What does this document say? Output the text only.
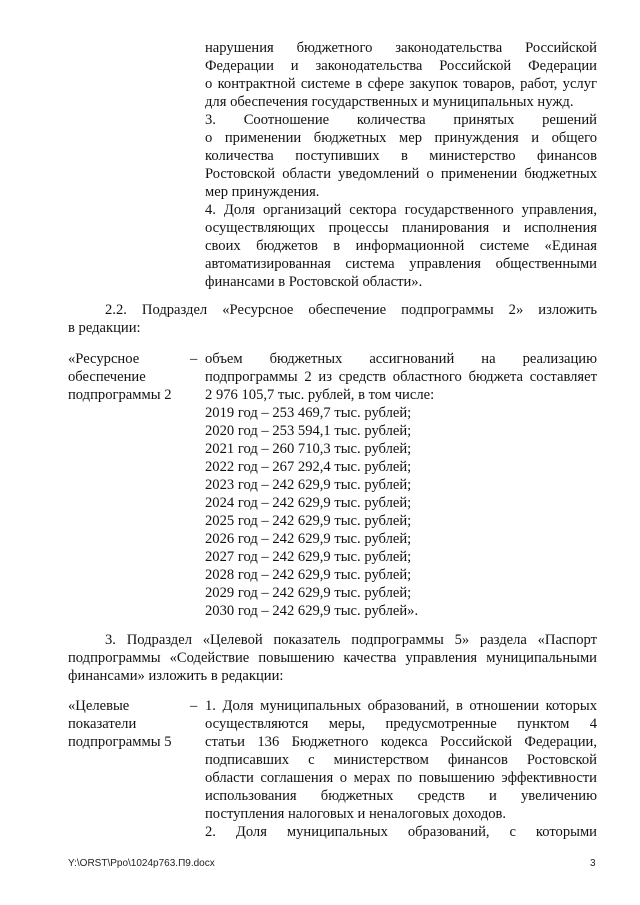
нарушения бюджетного законодательства Российской
Федерации и законодательства Российской Федерации
о контрактной системе в сфере закупок товаров, работ, услуг
для обеспечения государственных и муниципальных нужд.
3. Соотношение количества принятых решений
о применении бюджетных мер принуждения и общего
количества поступивших в министерство финансов
Ростовской области уведомлений о применении бюджетных
мер принуждения.
4. Доля организаций сектора государственного управления,
осуществляющих процессы планирования и исполнения
своих бюджетов в информационной системе «Единая
автоматизированная система управления общественными
финансами в Ростовской области».
2.2. Подраздел «Ресурсное обеспечение подпрограммы 2» изложить
в редакции:
«Ресурсное
обеспечение
подпрограммы 2
– объем бюджетных ассигнований на реализацию
подпрограммы 2 из средств областного бюджета составляет
2 976 105,7 тыс. рублей, в том числе:
2019 год – 253 469,7 тыс. рублей;
2020 год – 253 594,1 тыс. рублей;
2021 год – 260 710,3 тыс. рублей;
2022 год – 267 292,4 тыс. рублей;
2023 год – 242 629,9 тыс. рублей;
2024 год – 242 629,9 тыс. рублей;
2025 год – 242 629,9 тыс. рублей;
2026 год – 242 629,9 тыс. рублей;
2027 год – 242 629,9 тыс. рублей;
2028 год – 242 629,9 тыс. рублей;
2029 год – 242 629,9 тыс. рублей;
2030 год – 242 629,9 тыс. рублей».
3. Подраздел «Целевой показатель подпрограммы 5» раздела «Паспорт
подпрограммы «Содействие повышению качества управления муниципальными
финансами» изложить в редакции:
«Целевые
показатели
подпрограммы 5
– 1. Доля муниципальных образований, в отношении которых
осуществляются меры, предусмотренные пунктом 4
статьи 136 Бюджетного кодекса Российской Федерации,
подписавших с министерством финансов Ростовской
области соглашения о мерах по повышению эффективности
использования бюджетных средств и увеличению
поступления налоговых и неналоговых доходов.
2. Доля муниципальных образований, с которыми
Y:\ORST\Ppo\1024p763.П9.docx	3
